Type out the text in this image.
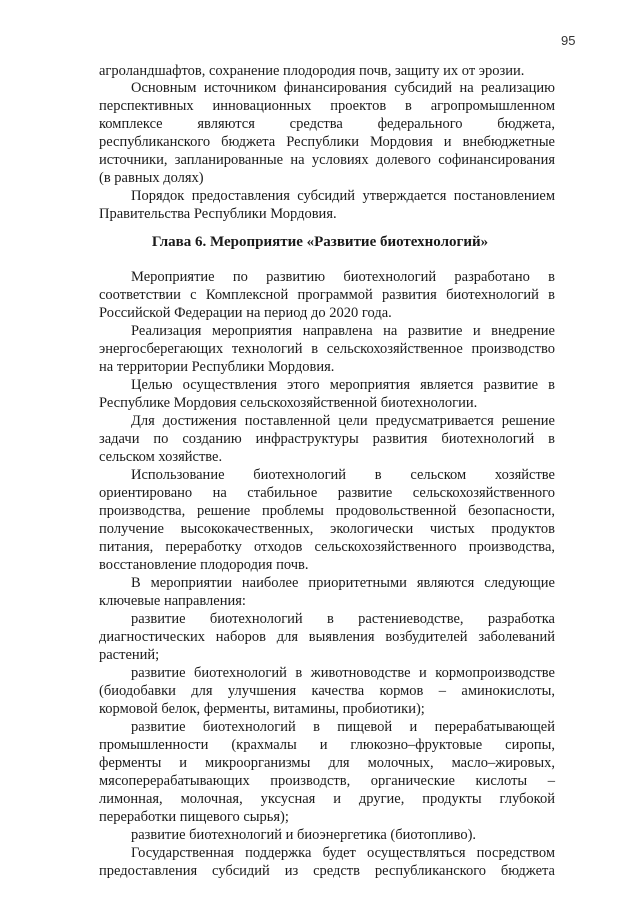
95
Глава 6. Мероприятие «Развитие биотехнологий»
агроландшафтов, сохранение плодородия почв, защиту их от эрозии.
Основным источником финансирования субсидий на реализацию
перспективных инновационных проектов в агропромышленном
комплексе являются средства федерального бюджета,
республиканского бюджета Республики Мордовия и внебюджетные
источники, запланированные на условиях долевого софинансирования
(в равных долях)
Порядок предоставления субсидий утверждается постановлением
Правительства Республики Мордовия.
Мероприятие по развитию биотехнологий разработано в
соответствии с Комплексной программой развития биотехнологий в
Российской Федерации на период до 2020 года.
Реализация мероприятия направлена на развитие и внедрение
энергосберегающих технологий в сельскохозяйственное производство
на территории Республики Мордовия.
Целью осуществления этого мероприятия является развитие в
Республике Мордовия сельскохозяйственной биотехнологии.
Для достижения поставленной цели предусматривается решение
задачи по созданию инфраструктуры развития биотехнологий в
сельском хозяйстве.
Использование биотехнологий в сельском хозяйстве
ориентировано на стабильное развитие сельскохозяйственного
производства, решение проблемы продовольственной безопасности,
получение высококачественных, экологически чистых продуктов
питания, переработку отходов сельскохозяйственного производства,
восстановление плодородия почв.
В мероприятии наиболее приоритетными являются следующие
ключевые направления:
развитие биотехнологий в растениеводстве, разработка
диагностических наборов для выявления возбудителей заболеваний
растений;
развитие биотехнологий в животноводстве и кормопроизводстве
(биодобавки для улучшения качества кормов – аминокислоты,
кормовой белок, ферменты, витамины, пробиотики);
развитие биотехнологий в пищевой и перерабатывающей
промышленности (крахмалы и глюкозно–фруктовые сиропы,
ферменты и микроорганизмы для молочных, масло–жировых,
мясоперерабатывающих производств, органические кислоты –
лимонная, молочная, уксусная и другие, продукты глубокой
переработки пищевого сырья);
развитие биотехнологий и биоэнергетика (биотопливо).
Государственная поддержка будет осуществляться посредством
предоставления субсидий из средств республиканского бюджета
